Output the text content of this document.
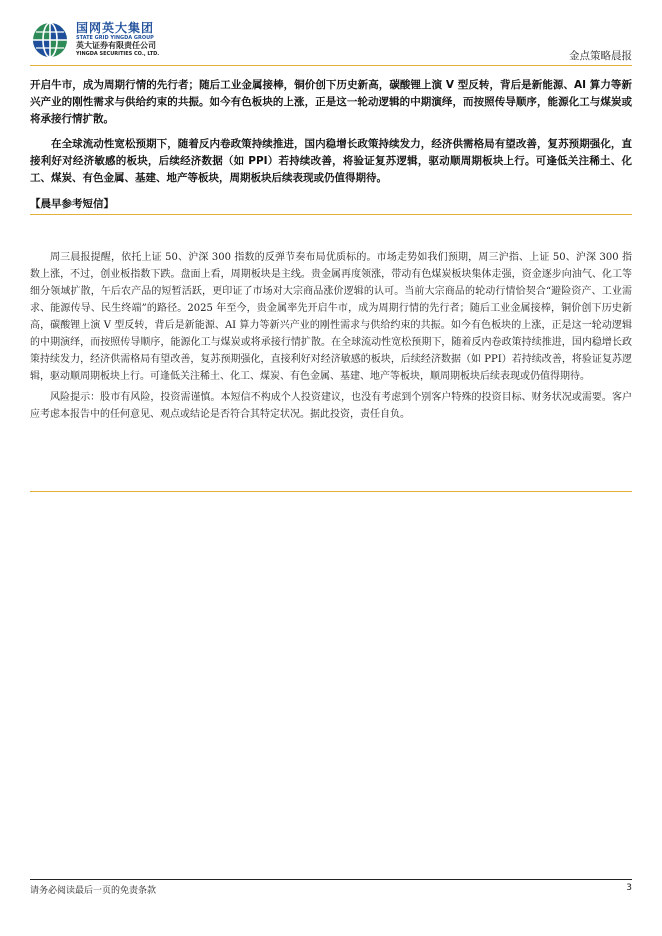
国网英大集团
STATE GRID YINGDA GROUP
英大证券有限责任公司
YINGDA SECURITIES CO., LTD.	金点策略晨报

开启牛市，成为周期行情的先行者；随后工业金属接棒，铜价创下历史新高，碳酸锂上演 V 型反转，背后是新能源、AI 算力等新兴产业的刚性需求与供给约束的共振。如今有色板块的上涨，正是这一轮动逻辑的中期演绎，而按照传导顺序，能源化工与煤炭或将承接行情扩散。

在全球流动性宽松预期下，随着反内卷政策持续推进，国内稳增长政策持续发力，经济供需格局有望改善，复苏预期强化，直接利好对经济敏感的板块，后续经济数据（如 PPI）若持续改善，将验证复苏逻辑，驱动顺周期板块上行。可逢低关注稀土、化工、煤炭、有色金属、基建、地产等板块，周期板块后续表现或仍值得期待。

【晨早参考短信】

周三晨报提醒，依托上证 50、沪深 300 指数的反弹节奏布局优质标的。市场走势如我们预期，周三沪指、上证 50、沪深 300 指数上涨，不过，创业板指数下跌。盘面上看，周期板块是主线。贵金属再度领涨，带动有色煤炭板块集体走强，资金逐步向油气、化工等细分领域扩散，午后农产品的短暂活跃，更印证了市场对大宗商品涨价逻辑的认可。当前大宗商品的轮动行情恰契合“避险资产、工业需求、能源传导、民生终端”的路径。2025 年至今，贵金属率先开启牛市，成为周期行情的先行者；随后工业金属接棒，铜价创下历史新高，碳酸锂上演 V 型反转，背后是新能源、AI 算力等新兴产业的刚性需求与供给约束的共振。如今有色板块的上涨，正是这一轮动逻辑的中期演绎，而按照传导顺序，能源化工与煤炭或将承接行情扩散。在全球流动性宽松预期下，随着反内卷政策持续推进，国内稳增长政策持续发力，经济供需格局有望改善，复苏预期强化，直接利好对经济敏感的板块，后续经济数据（如 PPI）若持续改善，将验证复苏逻辑，驱动顺周期板块上行。可逢低关注稀土、化工、煤炭、有色金属、基建、地产等板块，顺周期板块后续表现或仍值得期待。

风险提示：股市有风险，投资需谨慎。本短信不构成个人投资建议，也没有考虑到个别客户特殊的投资目标、财务状况或需要。客户应考虑本报告中的任何意见、观点或结论是否符合其特定状况。据此投资，责任自负。

请务必阅读最后一页的免责条款	3
